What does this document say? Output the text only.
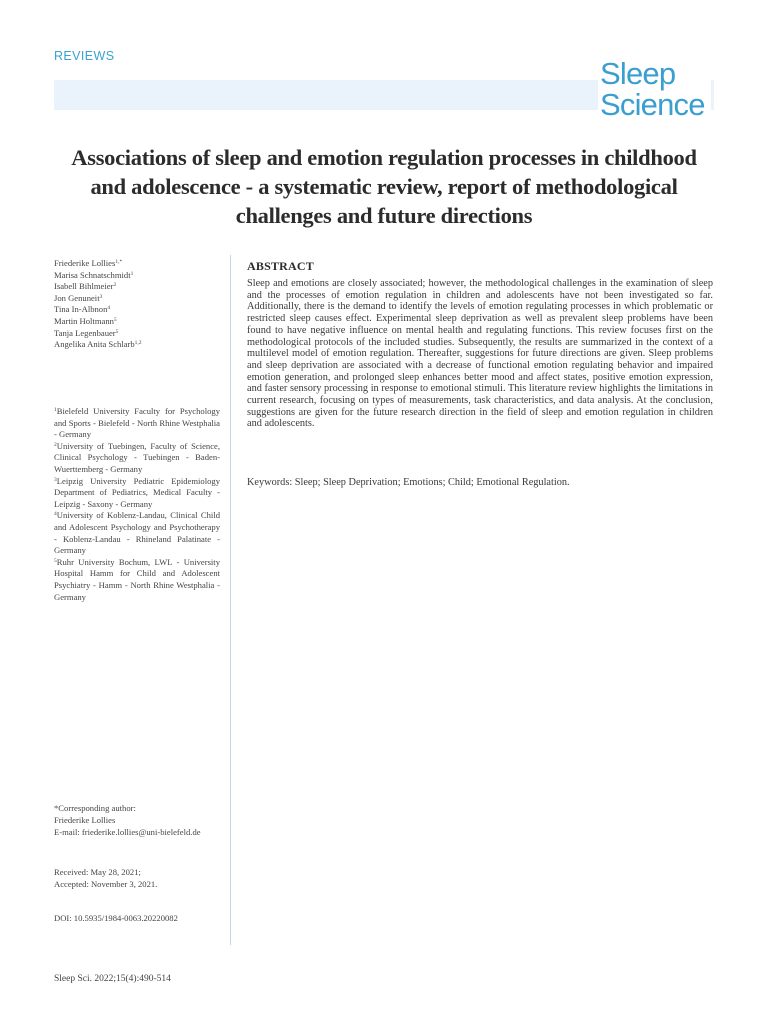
REVIEWS	Sleep
Science
Associations of sleep and emotion regulation processes in childhood and adolescence - a systematic review, report of methodological challenges and future directions
Friederike Lollies$^{1,*}$
Marisa Schnatschmidt$^1$
Isabell Bihlmeier$^2$
Jon Genuneit$^3$
Tina In-Albnon$^4$
Martin Holtmann$^5$
Tanja Legenbauer$^5$
Angelika Anita Schlarb$^{1,2}$
$^1$Bielefeld University Faculty for Psychology and Sports - Bielefeld - North Rhine Westphalia - Germany
$^2$University of Tuebingen, Faculty of Science, Clinical Psychology - Tuebingen - Baden-Wuerttemberg - Germany
$^3$Leipzig University Pediatric Epidemiology Department of Pediatrics, Medical Faculty - Leipzig - Saxony - Germany
$^4$University of Koblenz-Landau, Clinical Child and Adolescent Psychology and Psychotherapy - Koblenz-Landau - Rhineland Palatinate - Germany
$^5$Ruhr University Bochum, LWL - University Hospital Hamm for Child and Adolescent Psychiatry - Hamm - North Rhine Westphalia - Germany
*Corresponding author:
Friederike Lollies
E-mail: friederike.lollies@uni-bielefeld.de
Received: May 28, 2021;
Accepted: November 3, 2021.
DOI: 10.5935/1984-0063.20220082
ABSTRACT

Sleep and emotions are closely associated; however, the methodological challenges in the examination of sleep and the processes of emotion regulation in children and adolescents have not been investigated so far. Additionally, there is the demand to identify the levels of emotion regulating processes in which problematic or restricted sleep causes effect. Experimental sleep deprivation as well as prevalent sleep problems have been found to have negative influence on mental health and regulating functions. This review focuses first on the methodological protocols of the included studies. Subsequently, the results are summarized in the context of a multilevel model of emotion regulation. Thereafter, suggestions for future directions are given. Sleep problems and sleep deprivation are associated with a decrease of functional emotion regulating behavior and impaired emotion generation, and prolonged sleep enhances better mood and affect states, positive emotion expression, and faster sensory processing in response to emotional stimuli. This literature review highlights the limitations in current research, focusing on types of measurements, task characteristics, and data analysis. At the conclusion, suggestions are given for the future research direction in the field of sleep and emotion regulation in children and adolescents.

Keywords: Sleep; Sleep Deprivation; Emotions; Child; Emotional Regulation.
Sleep Sci. 2022;15(4):490-514
